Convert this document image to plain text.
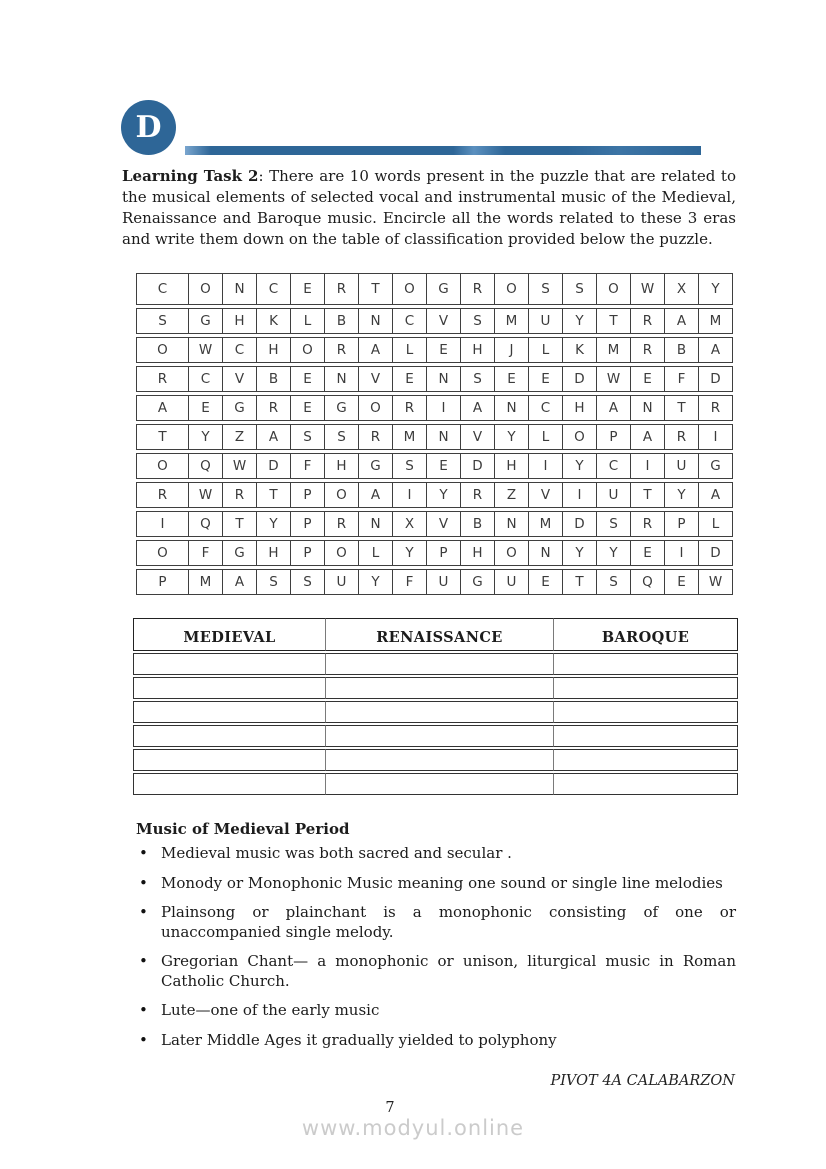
D

Learning Task 2: There are 10 words present in the puzzle that are related to the musical elements of selected vocal and instrumental music of the Medieval, Renaissance and Baroque music. Encircle all the words related to these 3 eras and write them down on the table of classification provided below the puzzle.

C	O	N	C	E	R	T	O	G	R	O	S	S	O	W	X	Y
S	G	H	K	L	B	N	C	V	S	M	U	Y	T	R	A	M
O	W	C	H	O	R	A	L	E	H	J	L	K	M	R	B	A
R	C	V	B	E	N	V	E	N	S	E	E	D	W	E	F	D
A	E	G	R	E	G	O	R	I	A	N	C	H	A	N	T	R
T	Y	Z	A	S	S	R	M	N	V	Y	L	O	P	A	R	I
O	Q	W	D	F	H	G	S	E	D	H	I	Y	C	I	U	G
R	W	R	T	P	O	A	I	Y	R	Z	V	I	U	T	Y	A
I	Q	T	Y	P	R	N	X	V	B	N	M	D	S	R	P	L
O	F	G	H	P	O	L	Y	P	H	O	N	Y	Y	E	I	D
P	M	A	S	S	U	Y	F	U	G	U	E	T	S	Q	E	W
MEDIEVAL	RENAISSANCE	BAROQUE
Music of Medieval Period
• Medieval music was both sacred and secular .
• Monody or Monophonic Music meaning one sound or single line melodies
• Plainsong or plainchant is a monophonic consisting of one or unaccompanied single melody.
• Gregorian Chant— a monophonic or unison, liturgical music in Roman Catholic Church.
• Lute—one of the early music
• Later Middle Ages it gradually yielded to polyphony
PIVOT 4A CALABARZON
7
www.modyul.online
